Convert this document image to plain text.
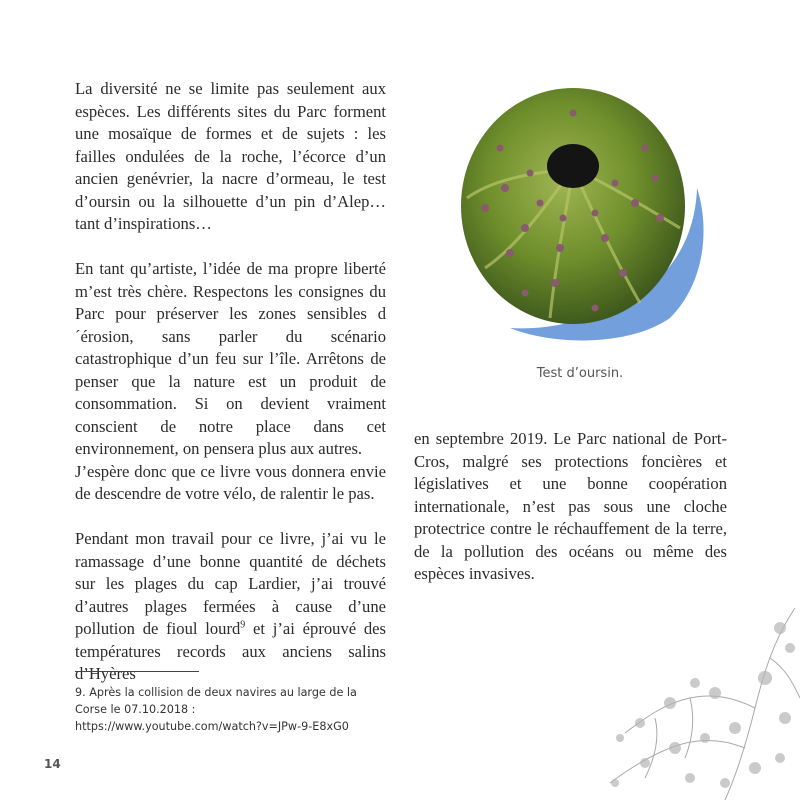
La diversité ne se limite pas seulement aux espèces. Les différents sites du Parc forment une mosaïque de formes et de sujets : les failles ondulées de la roche, l’écorce d’un ancien genévrier, la nacre d’ormeau, le test d’oursin ou la silhouette d’un pin d’Alep… tant d’inspirations…

En tant qu’artiste, l’idée de ma propre liberté m’est très chère. Respectons les consignes du Parc pour préserver les zones sensibles d´érosion, sans parler du scénario catastrophique d’un feu sur l’île. Arrêtons de penser que la nature est un produit de consommation. Si on devient vraiment conscient de notre place dans cet environnement, on pensera plus aux autres.

J’espère donc que ce livre vous donnera envie de descendre de votre vélo, de ralentir le pas.

Pendant mon travail pour ce livre, j’ai vu le ramassage d’une bonne quantité de déchets sur les plages du cap Lardier, j’ai trouvé d’autres plages fermées à cause d’une pollution de fioul lourd$^9$ et j’ai éprouvé des températures records aux anciens salins d’Hyères

Test d’oursin.

en septembre 2019. Le Parc national de Port-Cros, malgré ses protections foncières et législatives et une bonne coopération internationale, n’est pas sous une cloche protectrice contre le réchauffement de la terre, de la pollution des océans ou même des espèces invasives.

9. Après la collision de deux navires au large de la
Corse le 07.10.2018 :
https://www.youtube.com/watch?v=JPw-9-E8xG0
14
